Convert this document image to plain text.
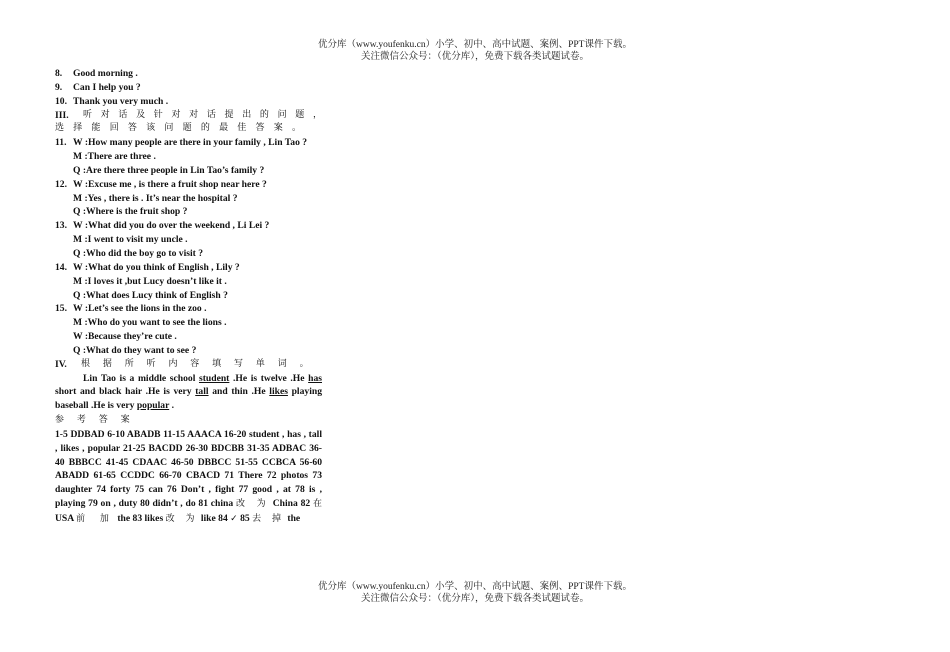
优分库（www.youfenku.cn）小学、初中、高中试题、案例、PPT课件下载。
关注微信公众号：（优分库），免费下载各类试题试卷。
8. Good morning .
9. Can I help you ?
10. Thank you very much .
III.	听 对 话 及 针 对 对 话 提 出 的 问 题 ，
选 择 能 回 答 该 问 题 的 最 佳 答 案 。
11. W :How many people are there in your family , Lin Tao ?
M :There are three .
Q :Are there three people in Lin Tao’s family ?
12. W :Excuse me , is there a fruit shop near here ?
M :Yes , there is . It’s near the hospital ?
Q :Where is the fruit shop ?
13. W :What did you do over the weekend , Li Lei ?
M :I went to visit my uncle .
Q :Who did the boy go to visit ?
14. W :What do you think of English , Lily ?
M :I loves it ,but Lucy doesn’t like it .
Q :What does Lucy think of English ?
15. W :Let’s see the lions in the zoo .
M :Who do you want to see the lions .
W :Because they’re cute .
Q :What do they want to see ?
IV.	根 据 所 听 内 容 填 写 单 词 。
Lin Tao is a middle school student .He is twelve .He has short and black hair .He is very tall and thin .He likes playing baseball .He is very popular .
参 考 答 案
1-5 DDBAD 6-10 ABADB 11-15 AAACA 16-20 student , has , tall , likes , popular 21-25 BACDD 26-30 BDCBB 31-35 ADBAC 36-40 BBBCC 41-45 CDAAC 46-50 DBBCC 51-55 CCBCA 56-60 ABADD 61-65 CCDDC 66-70 CBACD 71 There 72 photos 73 daughter 74 forty 75 can 76 Don’t , fight 77 good , at 78 is , playing 79 on , duty 80 didn’t , do 81 china 改 为 China 82 在 USA 前 加 the 83 likes 改 为 like 84 ✓ 85 去 掉 the
优分库（www.youfenku.cn）小学、初中、高中试题、案例、PPT课件下载。
关注微信公众号：（优分库），免费下载各类试题试卷。
